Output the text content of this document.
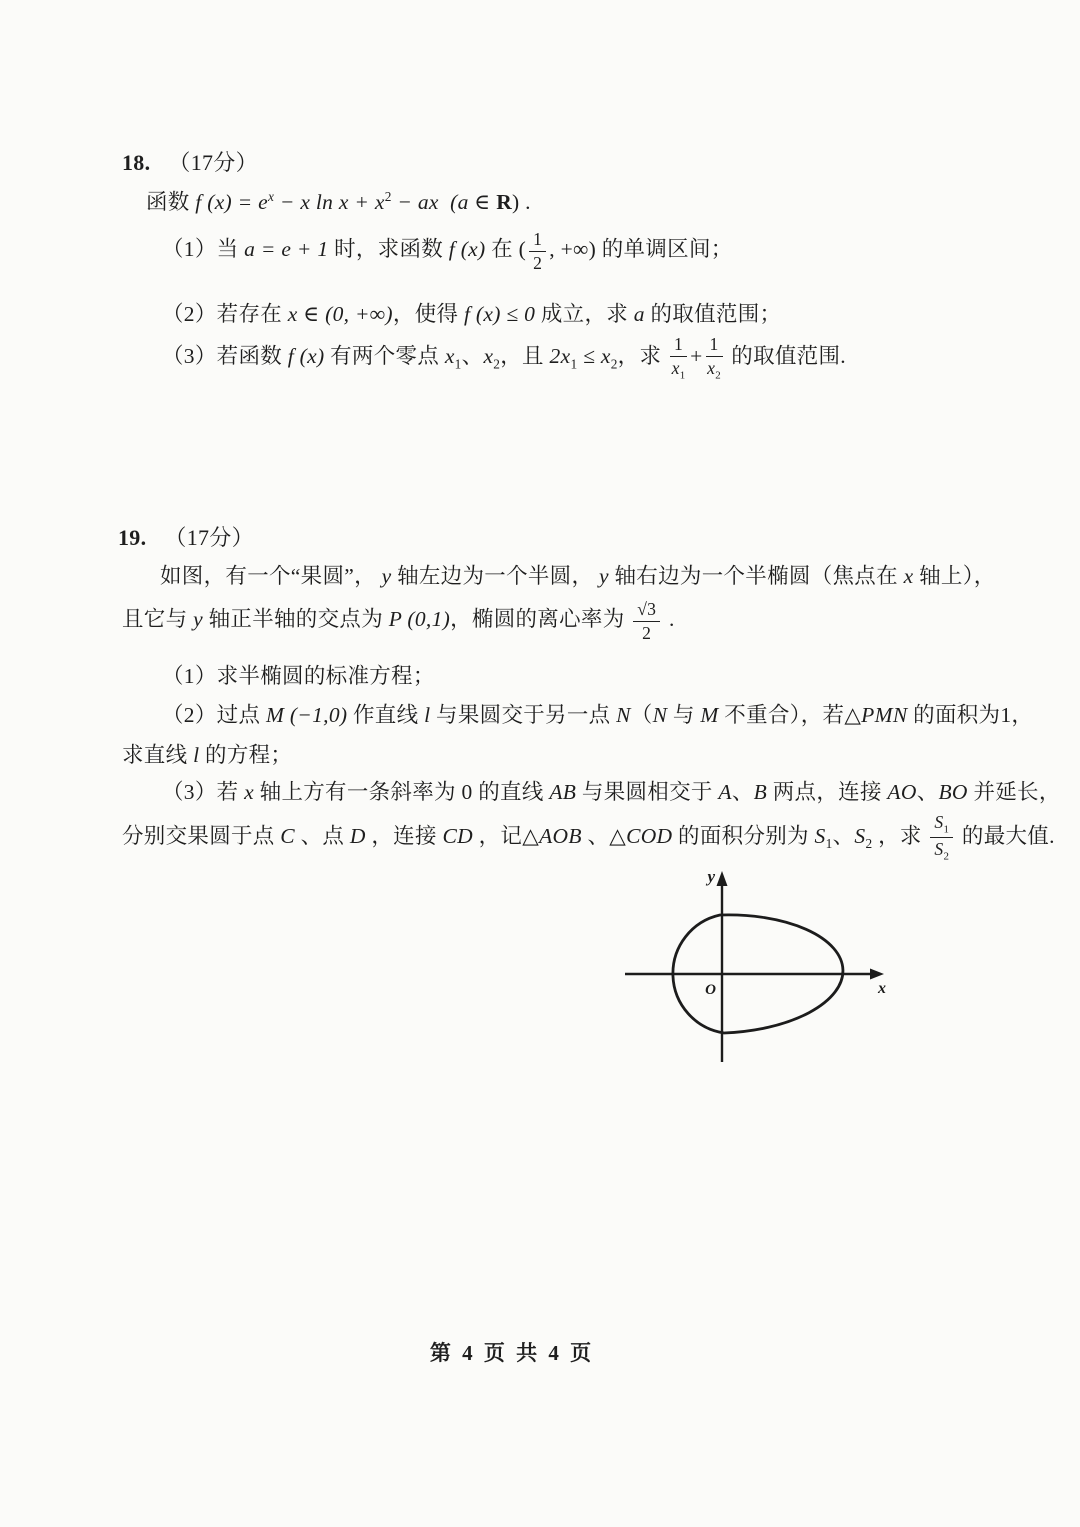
18. （17分）
函数 f $(x) = e^x - x$ $\ln x + x^2$ − ax  (a ∈ R) .
（1）当 a = e + 1 时，求函数 f (x) 在 ( $\frac{1}{2}$ , +∞) 的单调区间；
（2）若存在 x ∈ (0, +∞)，使得 f (x) ≤ 0 成立，求 a 的取值范围；
（3）若函数 f (x) 有两个零点 $x_1$、$x_2$，且 $2x_1 \le x_2$，求 $\frac{1}{x_1} + \frac{1}{x_2}$ 的取值范围.
19. （17分）
如图，有一个“果圆”， y 轴左边为一个半圆， y 轴右边为一个半椭圆（焦点在 x 轴上），
且它与 y 轴正半轴的交点为 P (0,1)，椭圆的离心率为 $\frac{√3}{2}$ .
（1）求半椭圆的标准方程；
（2）过点 M (−1,0) 作直线 l 与果圆交于另一点 N（N 与 M 不重合），若△PMN 的面积为1，
求直线 l 的方程；
（3）若 x 轴上方有一条斜率为 0 的直线 AB 与果圆相交于 A、B 两点，连接 AO、BO 并延长，
分别交果圆于点 C 、点 D ，连接 CD ，记△AOB 、△COD 的面积分别为 $S_1$、$S_2$ ，求 $\frac{S_1}{S_2}$ 的最大值.
y
x
O
第 4 页 共 4 页
